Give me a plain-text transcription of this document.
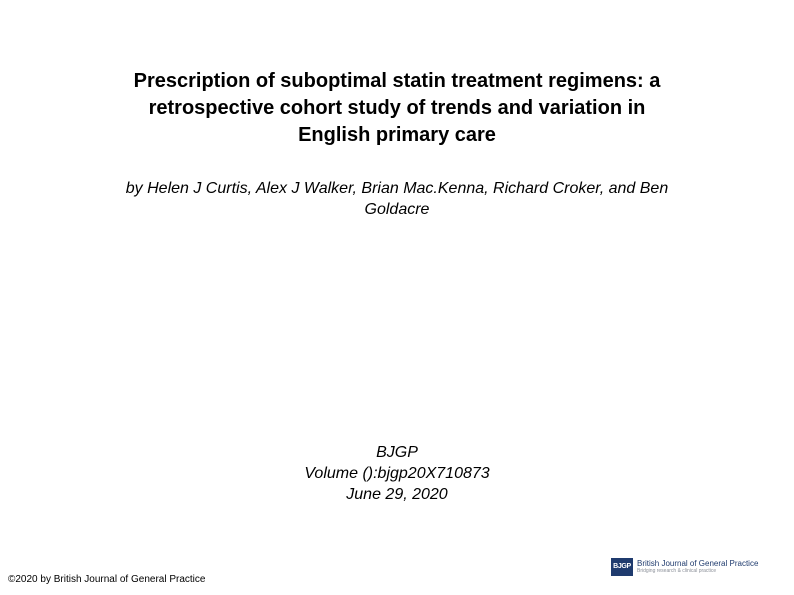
Prescription of suboptimal statin treatment regimens: a
retrospective cohort study of trends and variation in
English primary care
by Helen J Curtis, Alex J Walker, Brian Mac.Kenna, Richard Croker, and Ben
Goldacre
BJGP
Volume ():bjgp20X710873
June 29, 2020
©2020 by British Journal of General Practice
BJGP British Journal of General Practice
Bridging research & clinical practice
